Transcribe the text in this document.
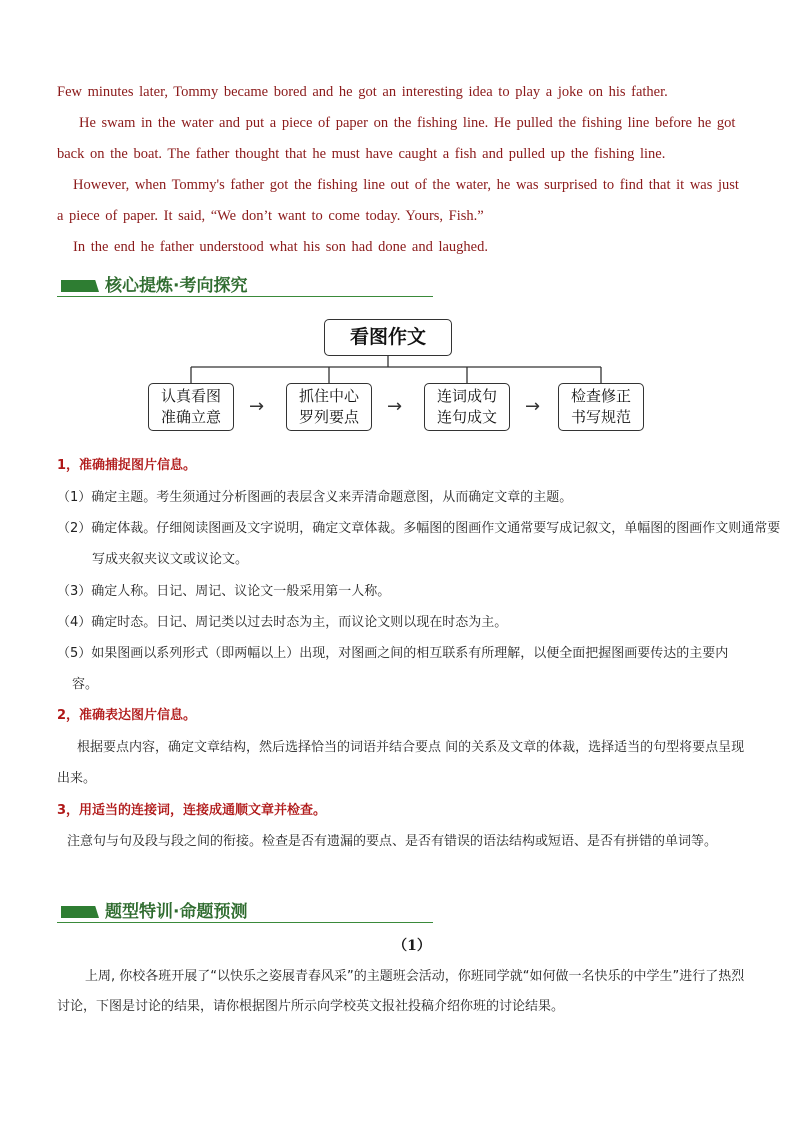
Few minutes later, Tommy became bored and he got an interesting idea to play a joke on his father.
He swam in the water and put a piece of paper on the fishing line. He pulled the fishing line before he got back on the boat. The father thought that he must have caught a fish and pulled up the fishing line.
However, when Tommy's father got the fishing line out of the water, he was surprised to find that it was just a piece of paper. It said, “We don’t want to come today. Yours, Fish.”
In the end he father understood what his son had done and laughed.
核心提炼·考向探究
看图作文
认真看图
准确立意	→	抓住中心
罗列要点	→	连词成句
连句成文	→	检查修正
书写规范
1，准确捕捉图片信息。
（1）确定主题。考生须通过分析图画的表层含义来弄清命题意图，从而确定文章的主题。
（2）确定体裁。仔细阅读图画及文字说明，确定文章体裁。多幅图的图画作文通常要写成记叙文，单幅图的图画作文则通常要写成夹叙夹议文或议论文。
（3）确定人称。日记、周记、议论文一般采用第一人称。
（4）确定时态。日记、周记类以过去时态为主，而议论文则以现在时态为主。
（5）如果图画以系列形式（即两幅以上）出现，对图画之间的相互联系有所理解，以便全面把握图画要传达的主要内容。
2，准确表达图片信息。
根据要点内容，确定文章结构，然后选择恰当的词语并结合要点 间的关系及文章的体裁，选择适当的句型将要点呈现出来。
3，用适当的连接词，连接成通顺文章并检查。
注意句与句及段与段之间的衔接。检查是否有遗漏的要点、是否有错误的语法结构或短语、是否有拼错的单词等。
题型特训·命题预测
（1）
上周, 你校各班开展了“以快乐之姿展青春风采”的主题班会活动，你班同学就“如何做一名快乐的中学生”进行了热烈讨论，下图是讨论的结果，请你根据图片所示向学校英文报社投稿介绍你班的讨论结果。
